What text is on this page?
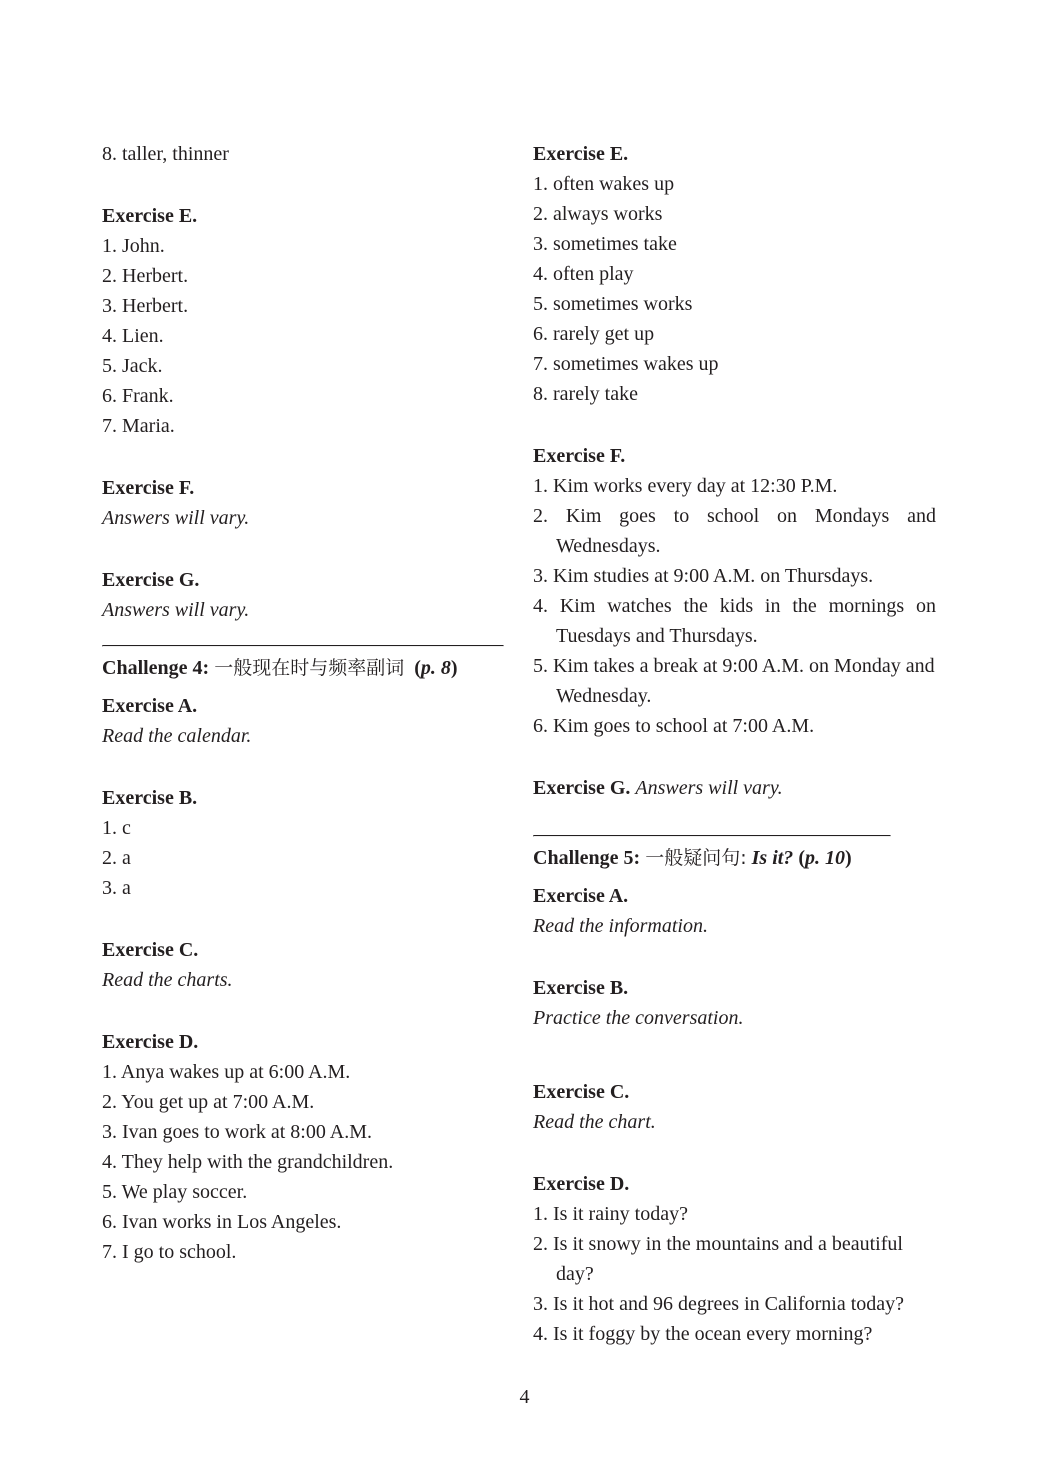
8. taller, thinner

Exercise E.

1. John.

2. Herbert.

3. Herbert.

4. Lien.

5. Jack.

6. Frank.

7. Maria.

Exercise F.

Answers will vary.

Exercise G.

Answers will vary.

Challenge 4: 一般现在时与频率副词 (p. 8)

Exercise A.

Read the calendar.

Exercise B.

1. c

2. a

3. a

Exercise C.

Read the charts.

Exercise D.

1. Anya wakes up at 6:00 A.M.

2. You get up at 7:00 A.M.

3. Ivan goes to work at 8:00 A.M.

4. They help with the grandchildren.

5. We play soccer.

6. Ivan works in Los Angeles.

7. I go to school.

Exercise E.

1. often wakes up

2. always works

3. sometimes take

4. often play

5. sometimes works

6. rarely get up

7. sometimes wakes up

8. rarely take

Exercise F.

1. Kim works every day at 12:30 P.M.

2. Kim goes to school on Mondays and Wednesdays.

3. Kim studies at 9:00 A.M. on Thursdays.

4. Kim watches the kids in the mornings on Tuesdays and Thursdays.

5. Kim takes a break at 9:00 A.M. on Monday and Wednesday.

6. Kim goes to school at 7:00 A.M.

Exercise G. Answers will vary.

Challenge 5: 一般疑问句: Is it? (p. 10)

Exercise A.

Read the information.

Exercise B.

Practice the conversation.

Exercise C.

Read the chart.

Exercise D.

1. Is it rainy today?

2. Is it snowy in the mountains and a beautiful day?

3. Is it hot and 96 degrees in California today?

4. Is it foggy by the ocean every morning?

4
